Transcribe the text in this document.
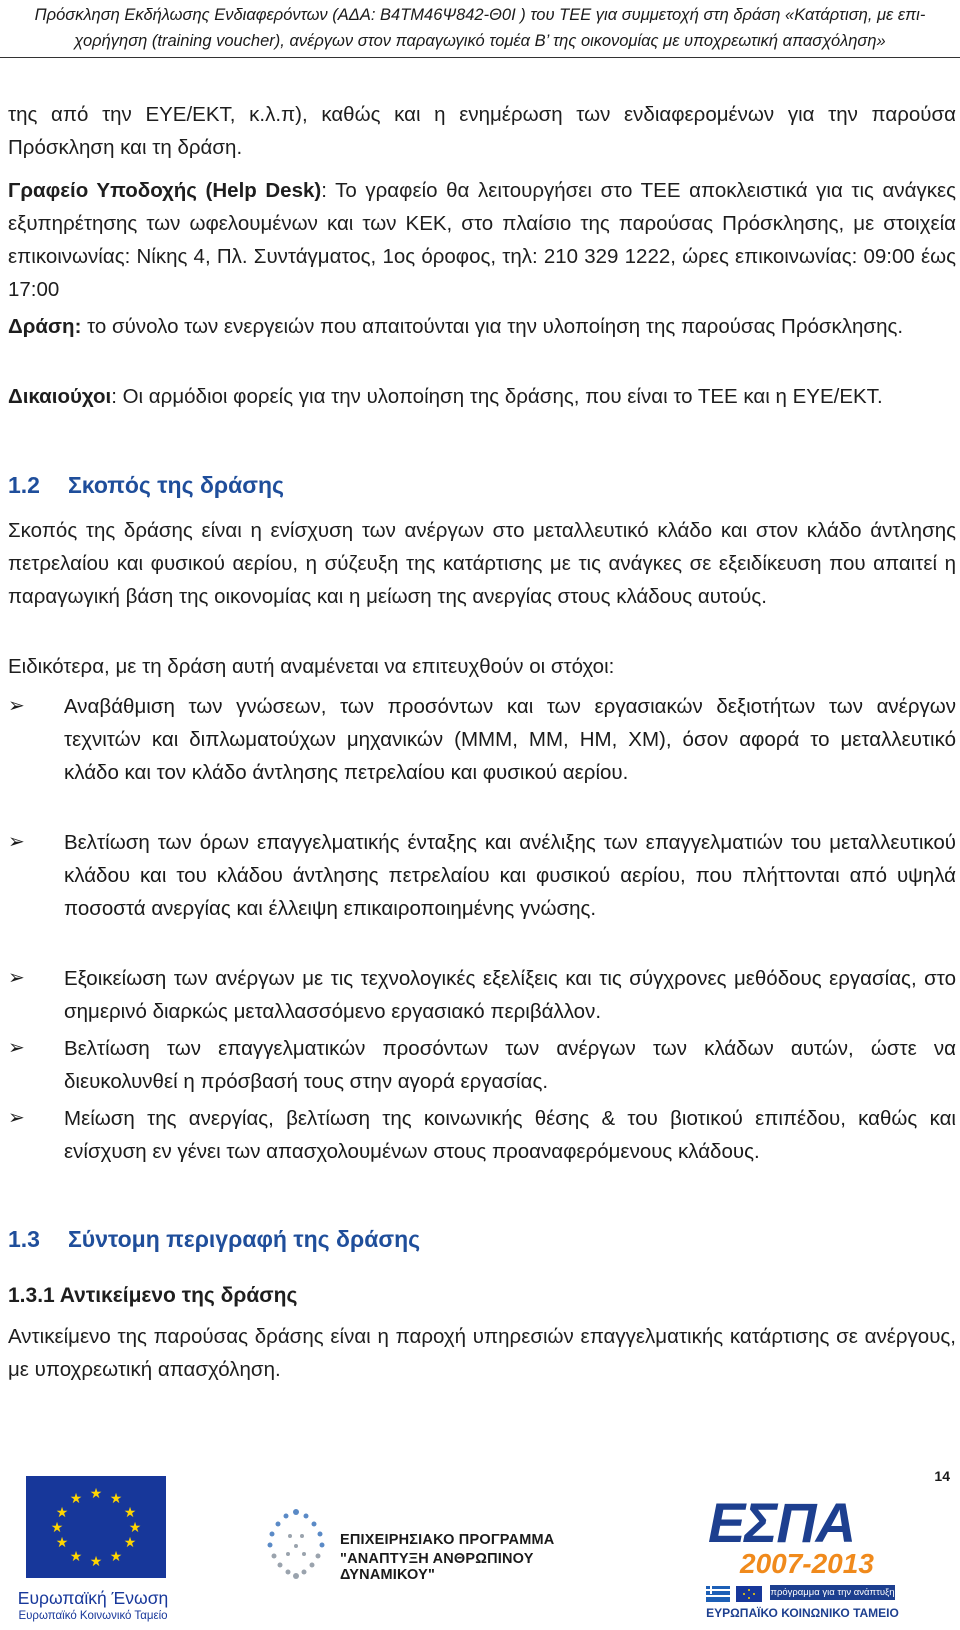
Πρόσκληση Εκδήλωσης Ενδιαφερόντων (ΑΔΑ: Β4ΤΜ46Ψ842-Θ0Ι ) του ΤΕΕ για συμμετοχή στη δράση «Κατάρτιση, με επι-
χορήγηση (training voucher), ανέργων στον παραγωγικό τομέα Β’ της οικονομίας με υποχρεωτική απασχόληση»

της από την ΕΥΕ/ΕΚΤ, κ.λ.π), καθώς και η ενημέρωση των ενδιαφερομένων για την παρούσα Πρόσκληση και τη δράση.

Γραφείο Υποδοχής (Help Desk): Το γραφείο θα λειτουργήσει στο ΤΕΕ αποκλειστικά για τις ανάγκες εξυπηρέτησης των ωφελουμένων και των ΚΕΚ, στο πλαίσιο της παρούσας Πρόσκλησης, με στοιχεία επικοινωνίας: Νίκης 4, Πλ. Συντάγματος, 1ος όροφος, τηλ: 210 329 1222, ώρες επικοινωνίας: 09:00 έως 17:00

Δράση: το σύνολο των ενεργειών που απαιτούνται για την υλοποίηση της παρούσας Πρόσκλησης.

Δικαιούχοι: Οι αρμόδιοι φορείς για την υλοποίηση της δράσης, που είναι το ΤΕΕ και η ΕΥΕ/ΕΚΤ.

1.2 Σκοπός της δράσης

Σκοπός της δράσης είναι η ενίσχυση των ανέργων στο μεταλλευτικό κλάδο και στον κλάδο άντλησης πετρελαίου και φυσικού αερίου, η σύζευξη της κατάρτισης με τις ανάγκες σε εξειδίκευση που απαιτεί η παραγωγική βάση της οικονομίας και η μείωση της ανεργίας στους κλάδους αυτούς.

Ειδικότερα, με τη δράση αυτή αναμένεται να επιτευχθούν οι στόχοι:

➢	Αναβάθμιση των γνώσεων, των προσόντων και των εργασιακών δεξιοτήτων των ανέργων τεχνιτών και διπλωματούχων μηχανικών (ΜΜΜ, ΜΜ, ΗΜ, ΧΜ), όσον αφορά το μεταλλευτικό κλάδο και τον κλάδο άντλησης πετρελαίου και φυσικού αερίου.
➢	Βελτίωση των όρων επαγγελματικής ένταξης και ανέλιξης των επαγγελματιών του μεταλλευτικού κλάδου και του κλάδου άντλησης πετρελαίου και φυσικού αερίου, που πλήττονται από υψηλά ποσοστά ανεργίας και έλλειψη επικαιροποιημένης γνώσης.
➢	Εξοικείωση των ανέργων με τις τεχνολογικές εξελίξεις και τις σύγχρονες μεθόδους εργασίας, στο σημερινό διαρκώς μεταλλασσόμενο εργασιακό περιβάλλον.
➢	Βελτίωση των επαγγελματικών προσόντων των ανέργων των κλάδων αυτών, ώστε να διευκολυνθεί η πρόσβασή τους στην αγορά εργασίας.
➢	Μείωση της ανεργίας, βελτίωση της κοινωνικής θέσης & του βιοτικού επιπέδου, καθώς και ενίσχυση εν γένει των απασχολουμένων στους προαναφερόμενους κλάδους.
1.3 Σύντομη περιγραφή της δράσης
1.3.1 Αντικείμενο της δράσης

Αντικείμενο της παρούσας δράσης είναι η παροχή υπηρεσιών επαγγελματικής κατάρτισης σε ανέργους, με υποχρεωτική απασχόληση.

14
★ ★
★
★
★
★
★
★
★
★
★
★
Ευρωπαϊκή Ένωση
Ευρωπαϊκό Κοινωνικό Ταμείο
ΕΠΙΧΕΙΡΗΣΙΑΚΟ ΠΡΟΓΡΑΜΜΑ
"ΑΝΑΠΤΥΞΗ ΑΝΘΡΩΠΙΝΟΥ ΔΥΝΑΜΙΚΟΥ"
ΕΣΠΑ
2007-2013
πρόγραμμα για την ανάπτυξη
ΕΥΡΩΠΑΪΚΟ ΚΟΙΝΩΝΙΚΟ ΤΑΜΕΙΟ
